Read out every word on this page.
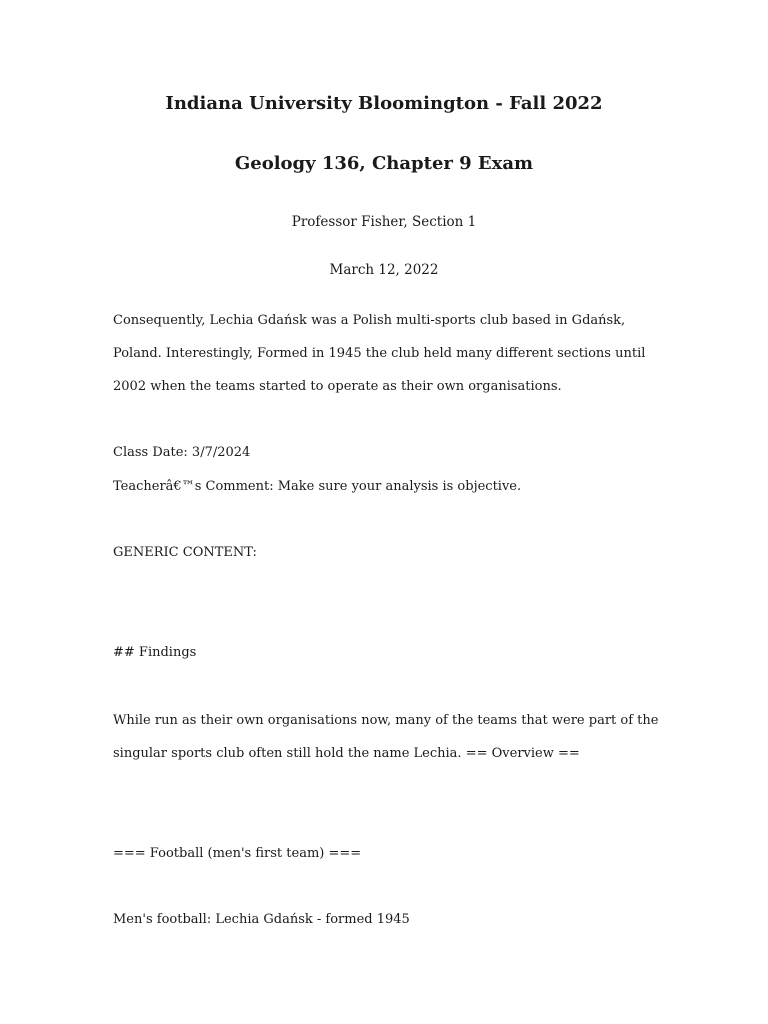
Indiana University Bloomington - Fall 2022
Geology 136, Chapter 9 Exam

Professor Fisher, Section 1

March 12, 2022

Consequently, Lechia Gdańsk was a Polish multi-sports club based in Gdańsk, Poland. Interestingly, Formed in 1945 the club held many different sections until 2002 when the teams started to operate as their own organisations.

Class Date: 3/7/2024

Teacherâ€™s Comment: Make sure your analysis is objective.

GENERIC CONTENT:

## Findings

While run as their own organisations now, many of the teams that were part of the singular sports club often still hold the name Lechia. == Overview ==

=== Football (men's first team) ===

Men's football: Lechia Gdańsk - formed 1945
